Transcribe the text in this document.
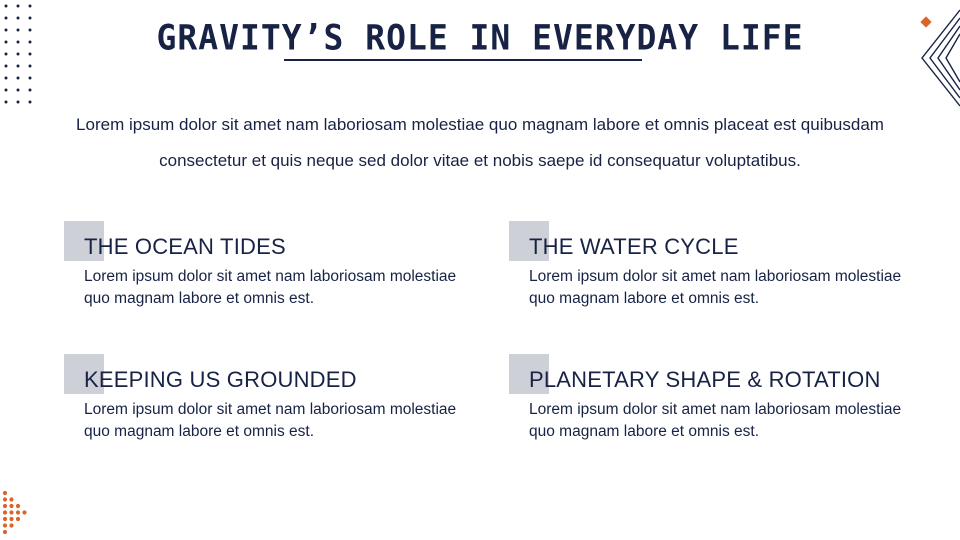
GRAVITY’S ROLE IN EVERYDAY LIFE

Lorem ipsum dolor sit amet nam laboriosam molestiae quo magnam labore et omnis placeat est quibusdam consectetur et quis neque sed dolor vitae et nobis saepe id consequatur voluptatibus.

THE OCEAN TIDES

Lorem ipsum dolor sit amet nam laboriosam molestiae quo magnam labore et omnis est.

THE WATER CYCLE

Lorem ipsum dolor sit amet nam laboriosam molestiae quo magnam labore et omnis est.

KEEPING US GROUNDED

Lorem ipsum dolor sit amet nam laboriosam molestiae quo magnam labore et omnis est.

PLANETARY SHAPE & ROTATION

Lorem ipsum dolor sit amet nam laboriosam molestiae quo magnam labore et omnis est.
